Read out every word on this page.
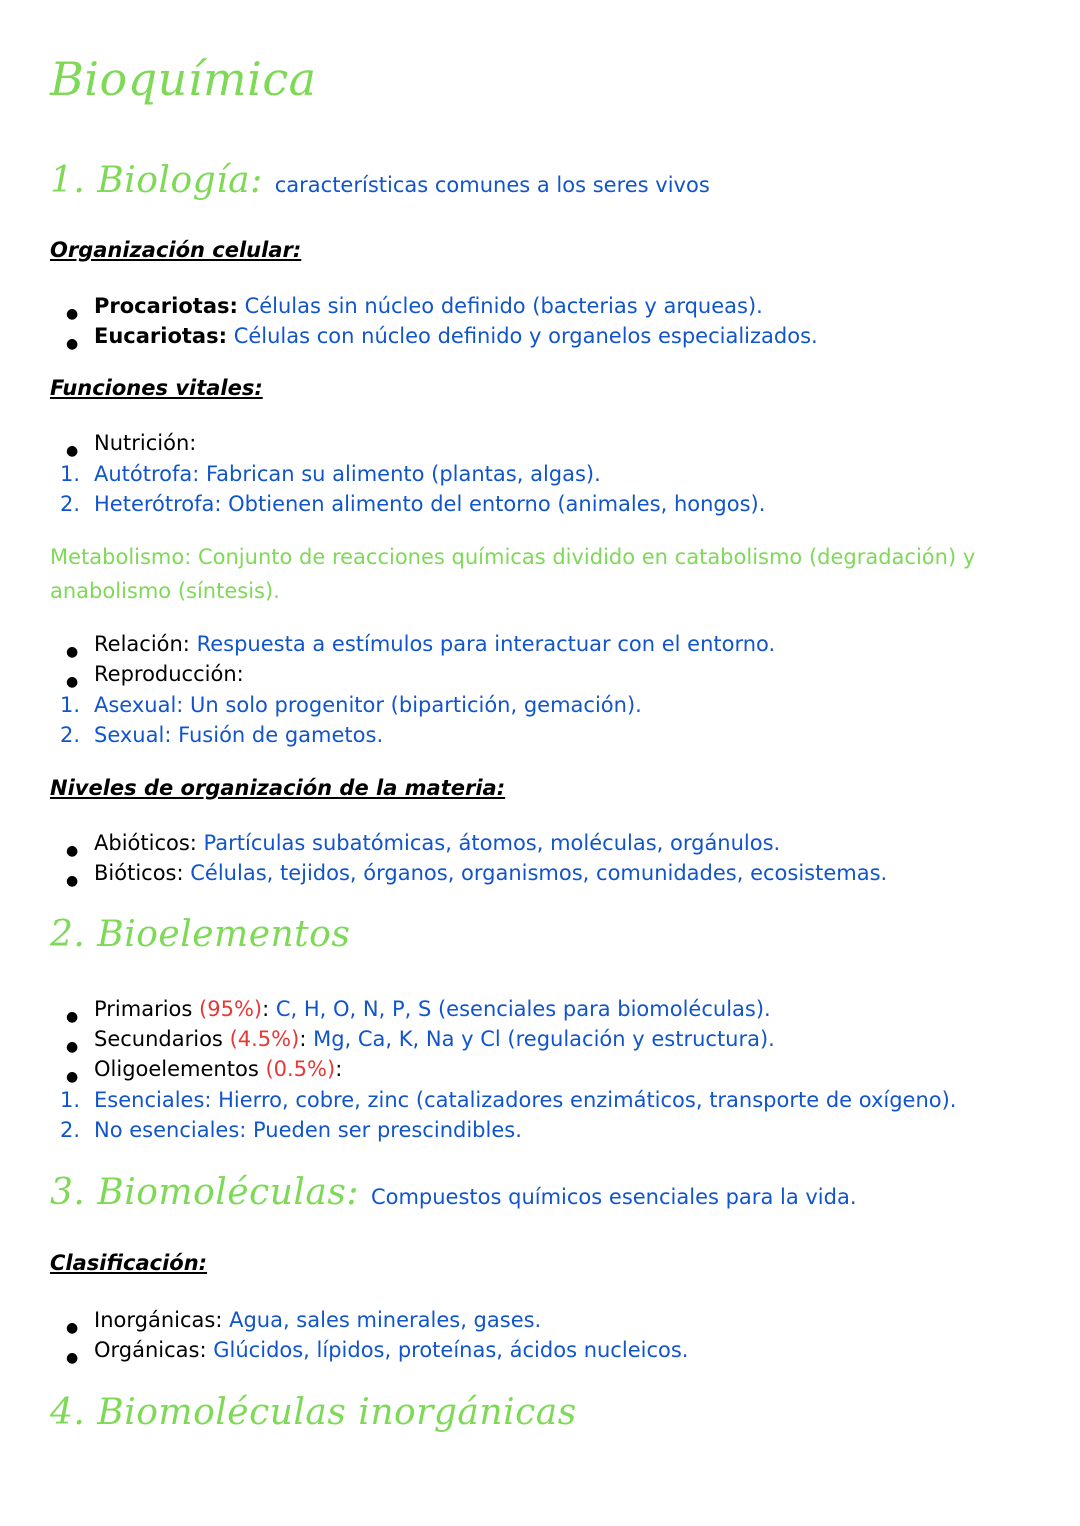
Bioquímica
1. Biología: características comunes a los seres vivos
Organización celular:
● Procariotas: Células sin núcleo definido (bacterias y arqueas).
● Eucariotas: Células con núcleo definido y organelos especializados.
Funciones vitales:
● Nutrición:
1. Autótrofa: Fabrican su alimento (plantas, algas).
2. Heterótrofa: Obtienen alimento del entorno (animales, hongos).
Metabolismo: Conjunto de reacciones químicas dividido en catabolismo (degradación) y anabolismo (síntesis).
● Relación: Respuesta a estímulos para interactuar con el entorno.
● Reproducción:
1. Asexual: Un solo progenitor (bipartición, gemación).
2. Sexual: Fusión de gametos.
Niveles de organización de la materia:
● Abióticos: Partículas subatómicas, átomos, moléculas, orgánulos.
● Bióticos: Células, tejidos, órganos, organismos, comunidades, ecosistemas.
2. Bioelementos
● Primarios (95%): C, H, O, N, P, S (esenciales para biomoléculas).
● Secundarios (4.5%): Mg, Ca, K, Na y Cl (regulación y estructura).
● Oligoelementos (0.5%):
1. Esenciales: Hierro, cobre, zinc (catalizadores enzimáticos, transporte de oxígeno).
2. No esenciales: Pueden ser prescindibles.
3. Biomoléculas: Compuestos químicos esenciales para la vida.
Clasificación:
● Inorgánicas: Agua, sales minerales, gases.
● Orgánicas: Glúcidos, lípidos, proteínas, ácidos nucleicos.
4. Biomoléculas inorgánicas
